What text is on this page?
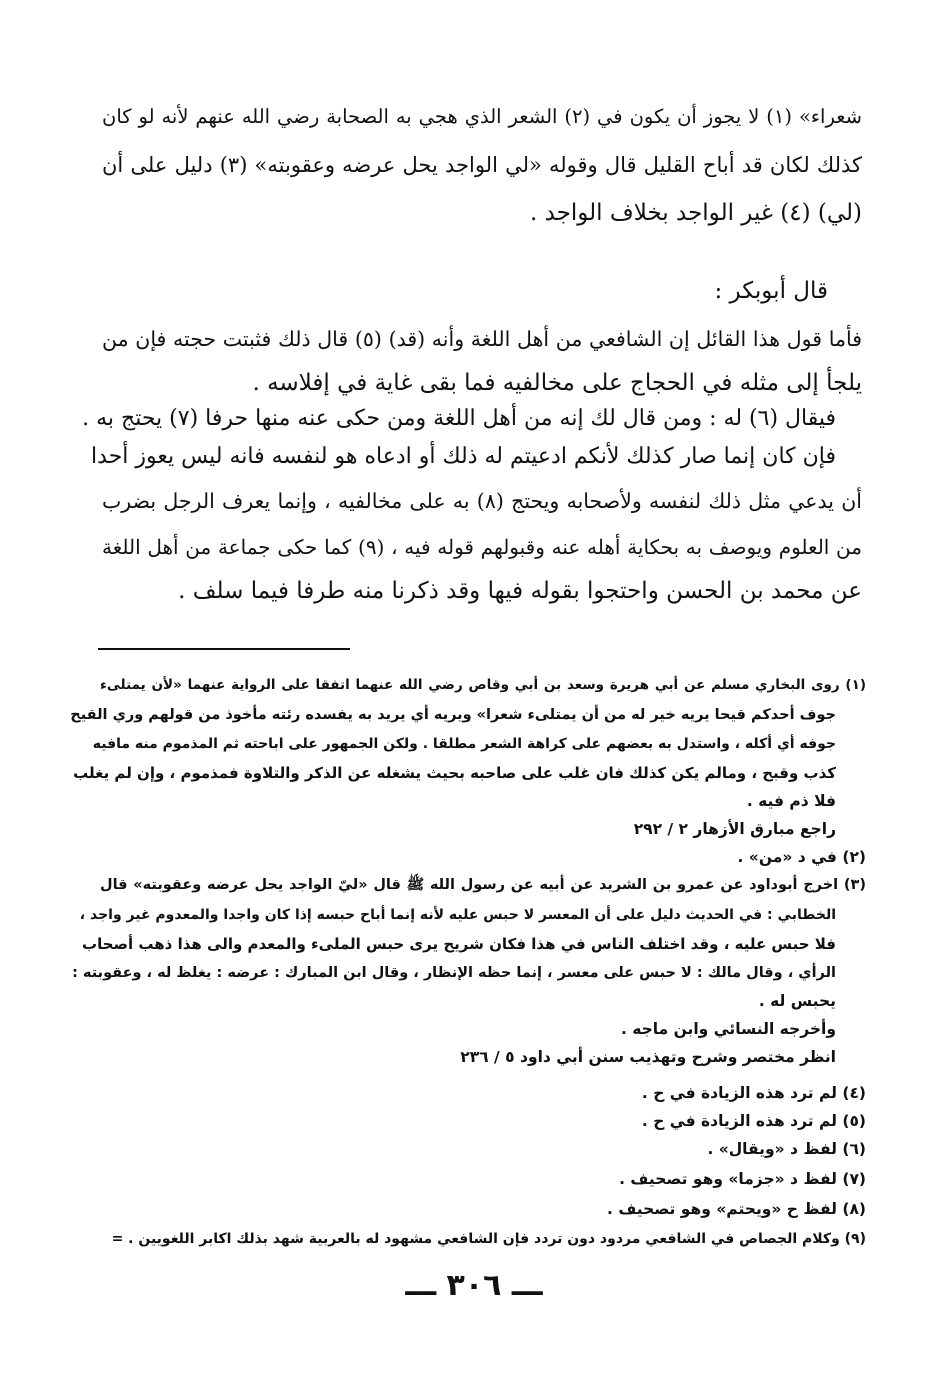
شعراء» (١) لا يجوز أن يكون في (٢) الشعر الذي هجي به الصحابة رضي الله عنهم لأنه لو كان
كذلك لكان قد أباح القليل قال وقوله «لي الواجد يحل عرضه وعقوبته» (٣) دليل على أن
(لي) (٤) غير الواجد بخلاف الواجد .
قال أبوبكر :
فأما قول هذا القائل إن الشافعي من أهل اللغة وأنه (قد) (٥) قال ذلك فثبتت حجته فإن من
يلجأ إلى مثله في الحجاج على مخالفيه فما بقى غاية في إفلاسه .
فيقال (٦) له : ومن قال لك إنه من أهل اللغة ومن حكى عنه منها حرفا (٧) يحتج به .
فإن كان إنما صار كذلك لأنكم ادعيتم له ذلك أو ادعاه هو لنفسه فانه ليس يعوز أحدا
أن يدعي مثل ذلك لنفسه ولأصحابه ويحتج (٨) به على مخالفيه ، وإنما يعرف الرجل بضرب
من العلوم ويوصف به بحكاية أهله عنه وقبولهم قوله فيه ، (٩) كما حكى جماعة من أهل اللغة
عن محمد بن الحسن واحتجوا بقوله فيها وقد ذكرنا منه طرفا فيما سلف .
(١) روى البخاري مسلم عن أبي هريرة وسعد بن أبي وقاص رضي الله عنهما اتفقا على الرواية عنهما «لأن يمتلىء
جوف أحدكم قيحا يريه خير له من أن يمتلىء شعرا» ويريه أي يريد به يفسده رئته مأخوذ من قولهم وري القيح
جوفه أي أكله ، واستدل به بعضهم على كراهة الشعر مطلقا . ولكن الجمهور على اباحته ثم المذموم منه مافيه
كذب وقبح ، ومالم يكن كذلك فان غلب على صاحبه بحيث يشغله عن الذكر والتلاوة فمذموم ، وإن لم يغلب
فلا ذم فيه .
راجع مبارق الأزهار ٢ / ٢٩٢
(٢) في د «من» .
(٣) اخرج أبوداود عن عمرو بن الشريد عن أبيه عن رسول الله ﷺ قال «ليّ الواجد يحل عرضه وعقوبته» قال
الخطابي : في الحديث دليل على أن المعسر لا حبس عليه لأنه إنما أباح حبسه إذا كان واجدا والمعدوم غير واجد ،
فلا حبس عليه ، وقد اختلف الناس في هذا فكان شريح يرى حبس الملىء والمعدم والى هذا ذهب أصحاب
الرأي ، وقال مالك : لا حبس على معسر ، إنما حظه الإنظار ، وقال ابن المبارك : عرضه : يغلظ له ، وعقوبته :
يحبس له .
وأخرجه النسائي وابن ماجه .
انظر مختصر وشرح وتهذيب سنن أبي داود ٥ / ٢٣٦
(٤) لم ترد هذه الزيادة في ح .
(٥) لم ترد هذه الزيادة في ح .
(٦) لفظ د «ويقال» .
(٧) لفظ د «جزما» وهو تصحيف .
(٨) لفظ ح «ويحتم» وهو تصحيف .
(٩) وكلام الجصاص في الشافعي مردود دون تردد فإن الشافعي مشهود له بالعربية شهد بذلك اكابر اللغويين . =
ـــ ٣٠٦ ـــ
